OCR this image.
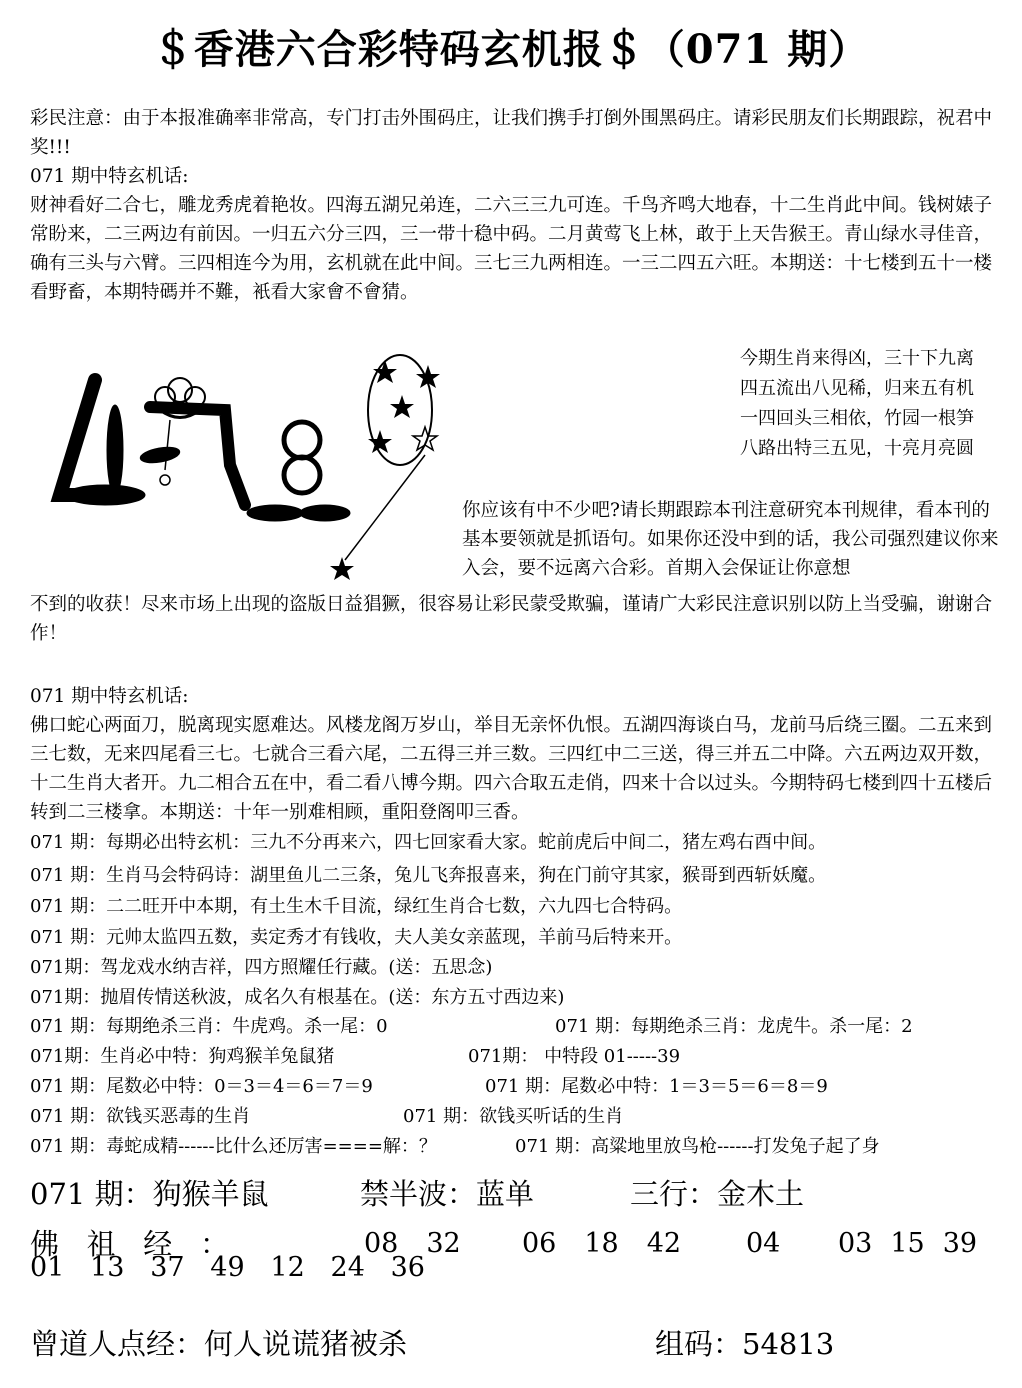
＄香港六合彩特码玄机报＄（071 期）

彩民注意：由于本报准确率非常高，专门打击外围码庄，让我们携手打倒外围黑码庄。请彩民朋友们长期跟踪，祝君中奖!!!

071 期中特玄机话:

财神看好二合七，雕龙秀虎着艳妆。四海五湖兄弟连，二六三三九可连。千鸟齐鸣大地春，十二生肖此中间。钱树婊子常盼来，二三两边有前因。一归五六分三四，三一带十稳中码。二月黄莺飞上林，敢于上天告猴王。青山绿水寻佳音，确有三头与六臂。三四相连今为用，玄机就在此中间。三七三九两相连。一三二四五六旺。本期送：十七楼到五十一楼看野畜，本期特碼并不難，衹看大家會不會猜。

今期生肖来得凶，三十下九离
四五流出八见稀，归来五有机
一四回头三相依，竹园一根笋
八路出特三五见，十亮月亮圆

你应该有中不少吧?请长期跟踪本刊注意研究本刊规律，看本刊的基本要领就是抓语句。如果你还没中到的话，我公司强烈建议你来入会，要不远离六合彩。首期入会保证让你意想

不到的收获！尽来市场上出现的盗版日益猖獗，很容易让彩民蒙受欺骗，谨请广大彩民注意识别以防上当受骗，谢谢合作！

071 期中特玄机话:

佛口蛇心两面刀，脱离现实愿难达。风楼龙阁万岁山，举目无亲怀仇恨。五湖四海谈白马，龙前马后绕三圈。二五来到三七数，无来四尾看三七。七就合三看六尾，二五得三并三数。三四红中二三送，得三并五二中降。六五两边双开数，十二生肖大者开。九二相合五在中，看二看八博今期。四六合取五走俏，四来十合以过头。今期特码七楼到四十五楼后转到二三楼拿。本期送：十年一别难相顾，重阳登阁叩三香。

071 期：每期必出特玄机：三九不分再来六，四七回家看大家。蛇前虎后中间二，猪左鸡右酉中间。
071 期：生肖马会特码诗：湖里鱼儿二三条，兔儿飞奔报喜来，狗在门前守其家，猴哥到西斩妖魔。
071 期：二二旺开中本期，有土生木千目流，绿红生肖合七数，六九四七合特码。
071 期：元帅太监四五数，卖定秀才有钱收，夫人美女亲蓝现，羊前马后特来开。
071期：驾龙戏水纳吉祥，四方照耀任行藏。(送：五思念)
071期：抛眉传情送秋波，成名久有根基在。(送：东方五寸西边来)
071 期：每期绝杀三肖：牛虎鸡。杀一尾：0	071 期：每期绝杀三肖：龙虎牛。杀一尾：2
071期：生肖必中特：狗鸡猴羊兔鼠猪	071期： 中特段 01-----39
071 期：尾数必中特：0＝3＝4＝6＝7＝9	071 期：尾数必中特：1＝3＝5＝6＝8＝9
071 期：欲钱买恶毒的生肖	071 期：欲钱买听话的生肖
071 期：毒蛇成精------比什么还厉害====解：？	071 期：高粱地里放鸟枪------打发兔子起了身
071 期：狗猴羊鼠	禁半波：蓝单	三行：金木土
佛   祖   经   ：	08 32 06 18 42 04 03 15 39
01   13   37   49   12   24   36
曾道人点经：何人说谎猪被杀	组码：54813
